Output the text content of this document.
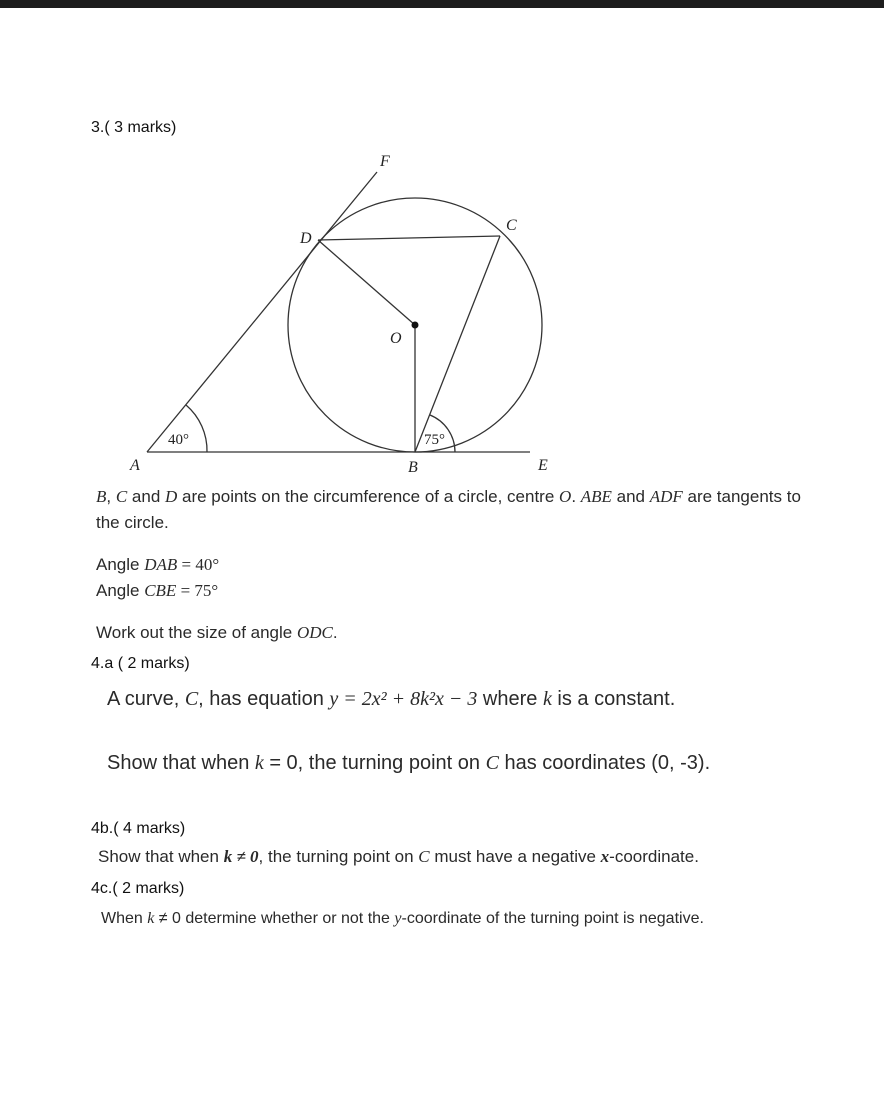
3.( 3 marks)
F
C
D
O
A	B	E
40°	75°
B, C and D are points on the circumference of a circle, centre O. ABE and ADF are tangents to
the circle.
Angle DAB = 40°
Angle CBE = 75°
Work out the size of angle ODC.
4.a ( 2 marks)
A curve, C, has equation y = 2x² + 8k²x − 3 where k is a constant.
Show that when k = 0, the turning point on C has coordinates (0, -3).
4b.( 4 marks)
Show that when k ≠ 0, the turning point on C must have a negative x-coordinate.
4c.( 2 marks)
When k ≠ 0 determine whether or not the y-coordinate of the turning point is negative.
